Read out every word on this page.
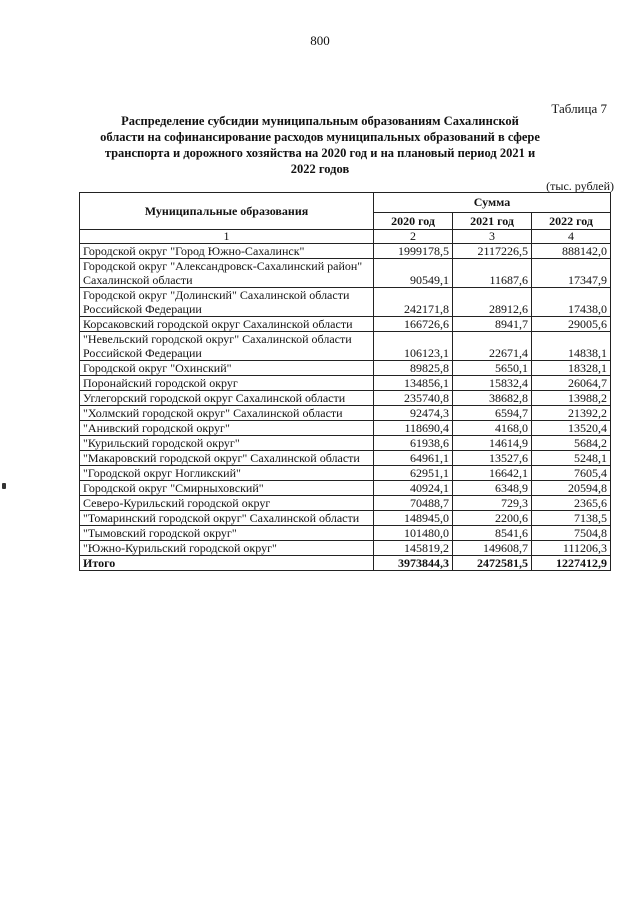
800
Таблица 7
Распределение субсидии муниципальным образованиям Сахалинской области на софинансирование расходов муниципальных образований в сфере транспорта и дорожного хозяйства на 2020 год и на плановый период 2021 и 2022 годов
(тыс. рублей)
Муниципальные образования	Сумма		
	2020 год	2021 год	2022 год
1	2	3	4
Городской округ "Город Южно-Сахалинск"	1999178,5	2117226,5	888142,0
Городской округ "Александровск-Сахалинский район" Сахалинской области	90549,1	11687,6	17347,9
Городской округ "Долинский" Сахалинской области Российской Федерации	242171,8	28912,6	17438,0
Корсаковский городской округ Сахалинской области	166726,6	8941,7	29005,6
"Невельский городской округ" Сахалинской области Российской Федерации	106123,1	22671,4	14838,1
Городской округ "Охинский"	89825,8	5650,1	18328,1
Поронайский городской округ	134856,1	15832,4	26064,7
Углегорский городской округ Сахалинской области	235740,8	38682,8	13988,2
"Холмский городской округ" Сахалинской области	92474,3	6594,7	21392,2
"Анивский городской округ"	118690,4	4168,0	13520,4
"Курильский городской округ"	61938,6	14614,9	5684,2
"Макаровский городской округ" Сахалинской области	64961,1	13527,6	5248,1
"Городской округ Ногликский"	62951,1	16642,1	7605,4
Городской округ "Смирныховский"	40924,1	6348,9	20594,8
Северо-Курильский городской округ	70488,7	729,3	2365,6
"Томаринский городской округ" Сахалинской области	148945,0	2200,6	7138,5
"Тымовский городской округ"	101480,0	8541,6	7504,8
"Южно-Курильский городской округ"	145819,2	149608,7	111206,3
Итого	3973844,3	2472581,5	1227412,9
